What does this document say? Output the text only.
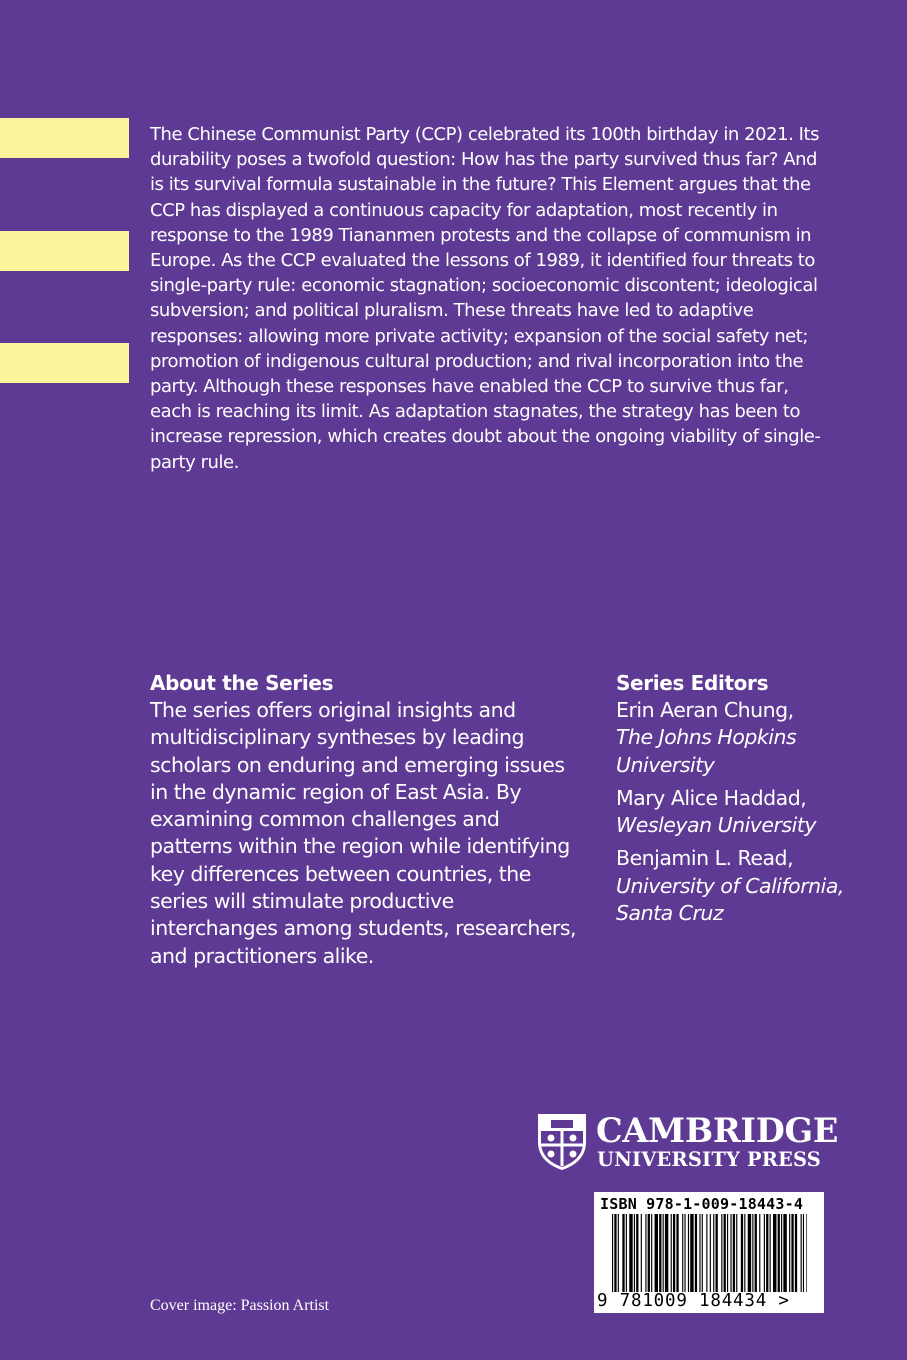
The Chinese Communist Party (CCP) celebrated its 100th birthday in 2021. Its durability poses a twofold question: How has the party survived thus far? And is its survival formula sustainable in the future? This Element argues that the CCP has displayed a continuous capacity for adaptation, most recently in response to the 1989 Tiananmen protests and the collapse of communism in Europe. As the CCP evaluated the lessons of 1989, it identified four threats to single-party rule: economic stagnation; socioeconomic discontent; ideological subversion; and political pluralism. These threats have led to adaptive responses: allowing more private activity; expansion of the social safety net; promotion of indigenous cultural production; and rival incorporation into the party. Although these responses have enabled the CCP to survive thus far, each is reaching its limit. As adaptation stagnates, the strategy has been to increase repression, which creates doubt about the ongoing viability of single-party rule.
About the Series

The series offers original insights and multidisciplinary syntheses by leading scholars on enduring and emerging issues in the dynamic region of East Asia. By examining common challenges and patterns within the region while identifying key differences between countries, the series will stimulate productive interchanges among students, researchers, and practitioners alike.

Series Editors
Erin Aeran Chung,
The Johns Hopkins University
Mary Alice Haddad,
Wesleyan University
Benjamin L. Read,
University of California, Santa Cruz
CAMBRIDGE
UNIVERSITY PRESS
ISBN 978-1-009-18443-4
9 781009 184434 >
Cover image: Passion Artist
